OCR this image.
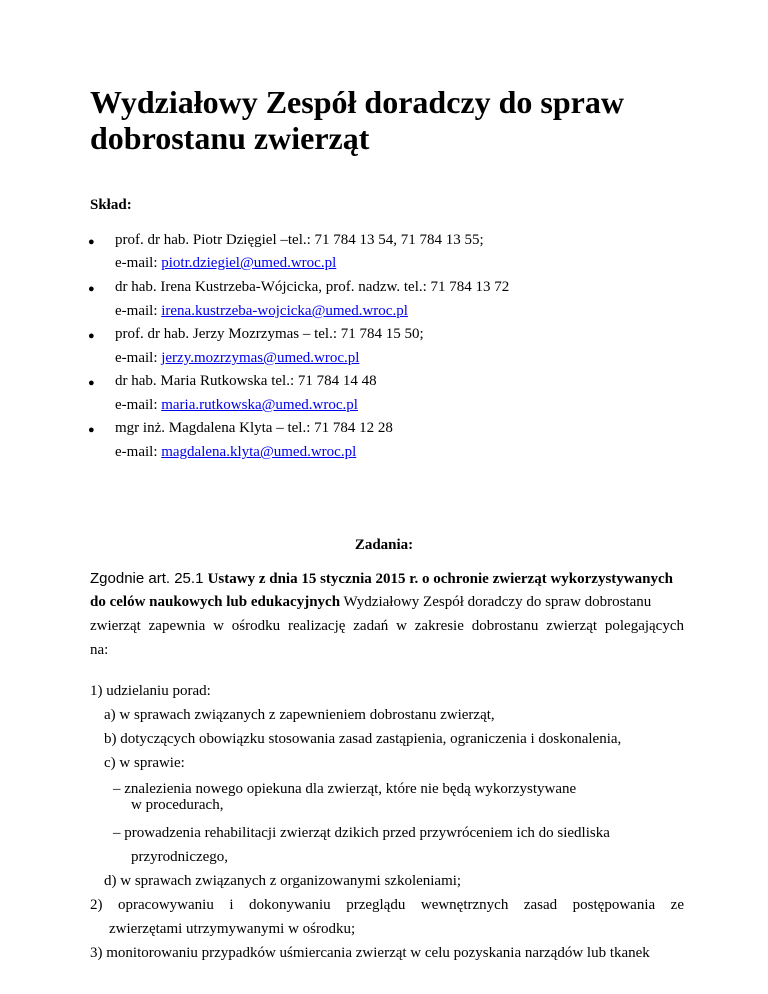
Wydziałowy Zespół doradczy do spraw dobrostanu zwierząt
Skład:
● prof. dr hab. Piotr Dzięgiel –tel.: 71 784 13 54, 71 784 13 55;
e-mail: piotr.dziegiel@umed.wroc.pl
● dr hab. Irena Kustrzeba-Wójcicka, prof. nadzw. tel.: 71 784 13 72
e-mail: irena.kustrzeba-wojcicka@umed.wroc.pl
● prof. dr hab. Jerzy Mozrzymas – tel.: 71 784 15 50;
e-mail: jerzy.mozrzymas@umed.wroc.pl
● dr hab. Maria Rutkowska tel.: 71 784 14 48
e-mail: maria.rutkowska@umed.wroc.pl
● mgr inż. Magdalena Klyta – tel.: 71 784 12 28
e-mail: magdalena.klyta@umed.wroc.pl
Zadania:
Zgodnie art. 25.1 Ustawy z dnia 15 stycznia 2015 r. o ochronie zwierząt wykorzystywanych
do celów naukowych lub edukacyjnych Wydziałowy Zespół doradczy do spraw dobrostanu
zwierząt zapewnia w ośrodku realizację zadań w zakresie dobrostanu zwierząt polegających
na:
1) udzielaniu porad:
a) w sprawach związanych z zapewnieniem dobrostanu zwierząt,
b) dotyczących obowiązku stosowania zasad zastąpienia, ograniczenia i doskonalenia,
c) w sprawie:
– znalezienia nowego opiekuna dla zwierząt, które nie będą wykorzystywane
w procedurach,
– prowadzenia rehabilitacji zwierząt dzikich przed przywróceniem ich do siedliska
przyrodniczego,
d) w sprawach związanych z organizowanymi szkoleniami;
2) opracowywaniu i dokonywaniu przeglądu wewnętrznych zasad postępowania ze
zwierzętami utrzymywanymi w ośrodku;
3) monitorowaniu przypadków uśmiercania zwierząt w celu pozyskania narządów lub tkanek
